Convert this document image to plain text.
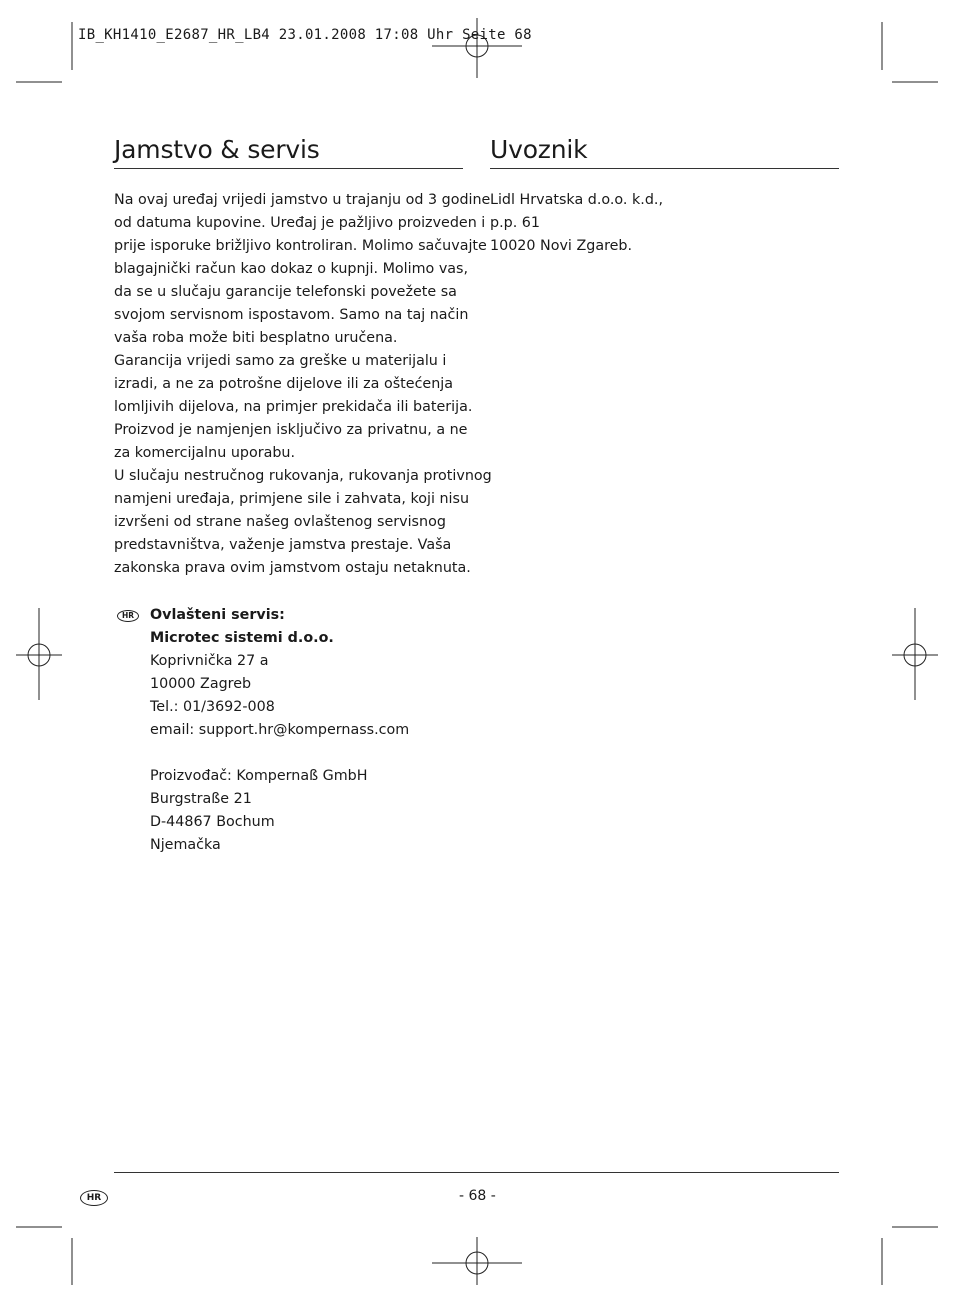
IB_KH1410_E2687_HR_LB4 23.01.2008 17:08 Uhr Seite 68
Jamstvo & servis
Na ovaj uređaj vrijedi jamstvo u trajanju od 3 godine
od datuma kupovine. Uređaj je pažljivo proizveden i
prije isporuke brižljivo kontroliran. Molimo sačuvajte
blagajnički račun kao dokaz o kupnji. Molimo vas,
da se u slučaju garancije telefonski povežete sa
svojom servisnom ispostavom. Samo na taj način
vaša roba može biti besplatno uručena.
Garancija vrijedi samo za greške u materijalu i
izradi, a ne za potrošne dijelove ili za oštećenja
lomljivih dijelova, na primjer prekidača ili baterija.
Proizvod je namjenjen isključivo za privatnu, a ne
za komercijalnu uporabu.
U slučaju nestručnog rukovanja, rukovanja protivnog
namjeni uređaja, primjene sile i zahvata, koji nisu
izvršeni od strane našeg ovlaštenog servisnog
predstavništva, važenje jamstva prestaje. Vaša
zakonska prava ovim jamstvom ostaju netaknuta.
HR	Ovlašteni servis:
Microtec sistemi d.o.o.
Koprivnička 27 a
10000 Zagreb
Tel.: 01/3692-008
email: support.hr@kompernass.com
Proizvođač: Kompernaß GmbH
Burgstraße 21
D-44867 Bochum
Njemačka
Uvoznik
Lidl Hrvatska d.o.o. k.d.,
p.p. 61
10020 Novi Zgareb.
HR	- 68 -
